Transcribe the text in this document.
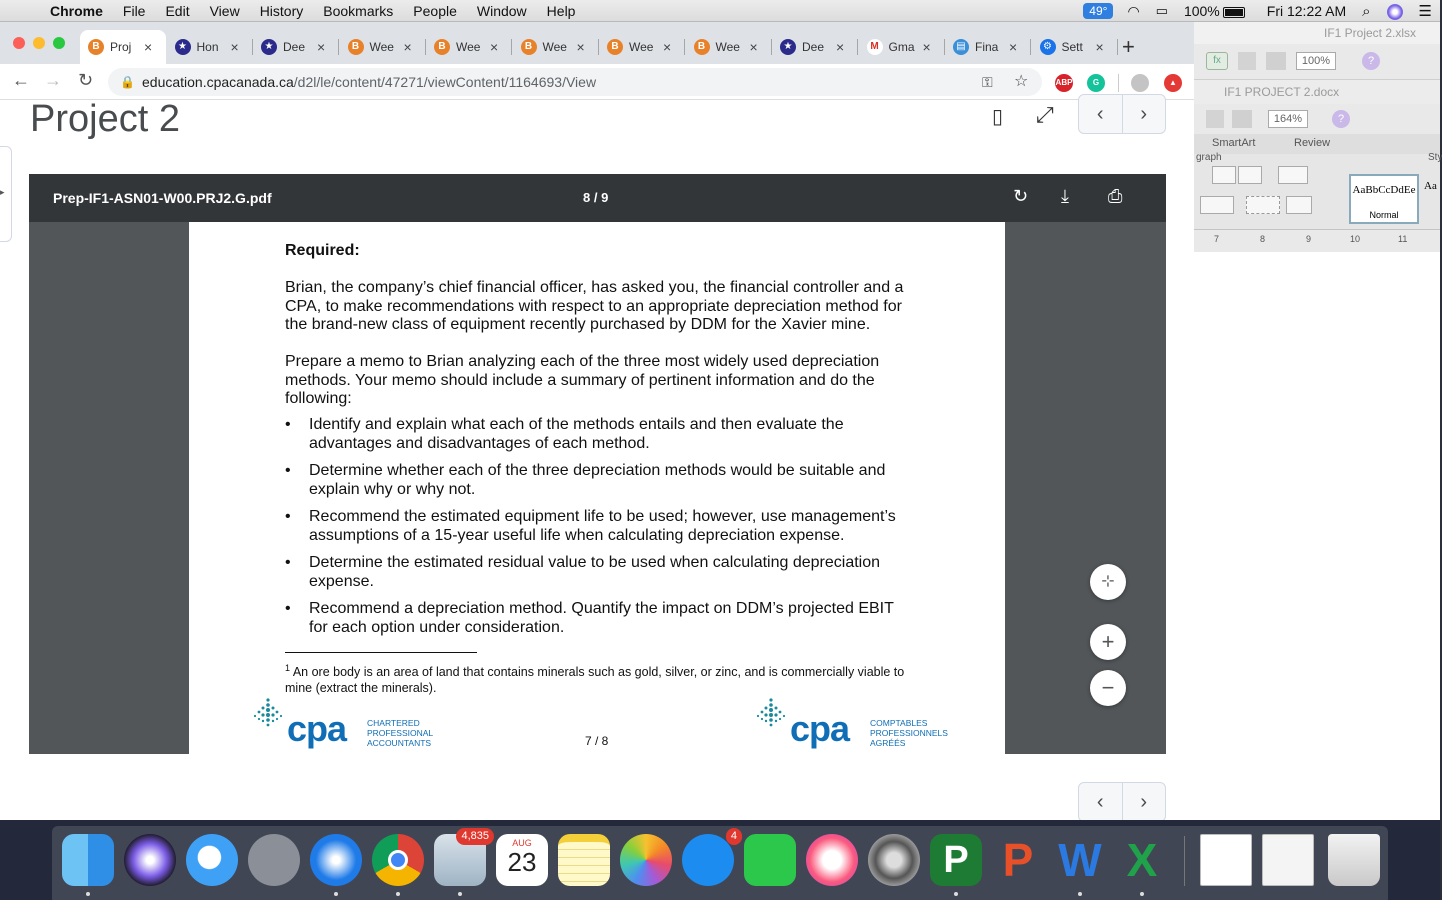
Chrome	File	Edit	View	History	Bookmarks	People	Window	Help	49°	◠	▭	100%	Fri 12:22 AM	⌕	☰
IF1 Project 2.xlsx
fx	100%	?
IF1 PROJECT 2.docx
164%	?
SmartArt	Review
graph	Sty
AaBbCcDdEe
Normal
Aa
7	8	9	10	11
B Proj ×	★ Hon ×	★ Dee ×	B Wee ×	B Wee ×	B Wee ×	B Wee ×	B Wee ×	★ Dee ×	M Gma ×	▤ Fina ×	⚙ Sett × +
← → ↻ 🔒 education.cpacanada.ca/d2l/le/content/47271/viewContent/1164693/View	⚿ ☆	ABP	G	▲
▸
Project 2	▯ ⤢	‹	›
Prep-IF1-ASN01-W00.PRJ2.G.pdf	8 / 9	↻ ⤓ ⎙
Required:
Brian, the company’s chief financial officer, has asked you, the financial controller and a CPA, to make recommendations with respect to an appropriate depreciation method for the brand-new class of equipment recently purchased by DDM for the Xavier mine.
Prepare a memo to Brian analyzing each of the three most widely used depreciation methods. Your memo should include a summary of pertinent information and do the following:
• Identify and explain what each of the methods entails and then evaluate the advantages and disadvantages of each method.
• Determine whether each of the three depreciation methods would be suitable and explain why or why not.
• Recommend the estimated equipment life to be used; however, use management’s assumptions of a 15-year useful life when calculating depreciation expense.
• Determine the estimated residual value to be used when calculating depreciation expense.
• Recommend a depreciation method. Quantify the impact on DDM’s projected EBIT for each option under consideration.
$^1$ An ore body is an area of land that contains minerals such as gold, silver, or zinc, and is commercially viable to mine (extract the minerals).
cpa CHARTERED
PROFESSIONAL
ACCOUNTANTS	7 / 8	cpa COMPTABLES
PROFESSIONNELS
AGRÉÉS
⊹
+
−
‹	›
4,835
AUG
23
4
P P W X
